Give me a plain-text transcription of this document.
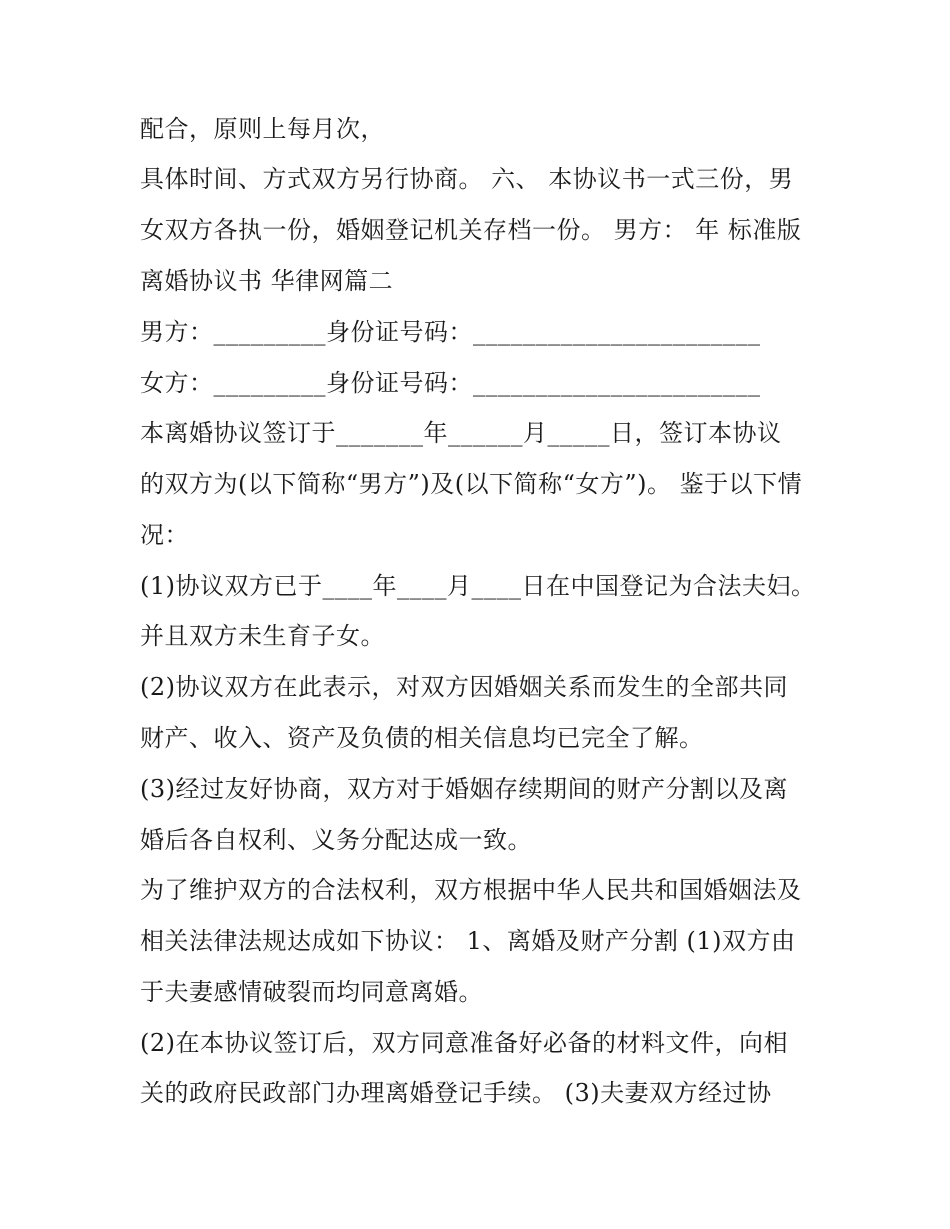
配合，原则上每月次，
具体时间、方式双方另行协商。 六、 本协议书一式三份，男
女双方各执一份，婚姻登记机关存档一份。 男方： 年 标准版
离婚协议书 华律网篇二
男方：_________身份证号码：_______________________
女方：_________身份证号码：_______________________
本离婚协议签订于_______年______月_____日，签订本协议
的双方为(以下简称“男方”)及(以下简称“女方”)。 鉴于以下情
况：
(1)协议双方已于____年____月____日在中国登记为合法夫妇。
并且双方未生育子女。
(2)协议双方在此表示，对双方因婚姻关系而发生的全部共同
财产、收入、资产及负债的相关信息均已完全了解。
(3)经过友好协商，双方对于婚姻存续期间的财产分割以及离
婚后各自权利、义务分配达成一致。
为了维护双方的合法权利，双方根据中华人民共和国婚姻法及
相关法律法规达成如下协议： 1、离婚及财产分割 (1)双方由
于夫妻感情破裂而均同意离婚。
(2)在本协议签订后，双方同意准备好必备的材料文件，向相
关的政府民政部门办理离婚登记手续。 (3)夫妻双方经过协
